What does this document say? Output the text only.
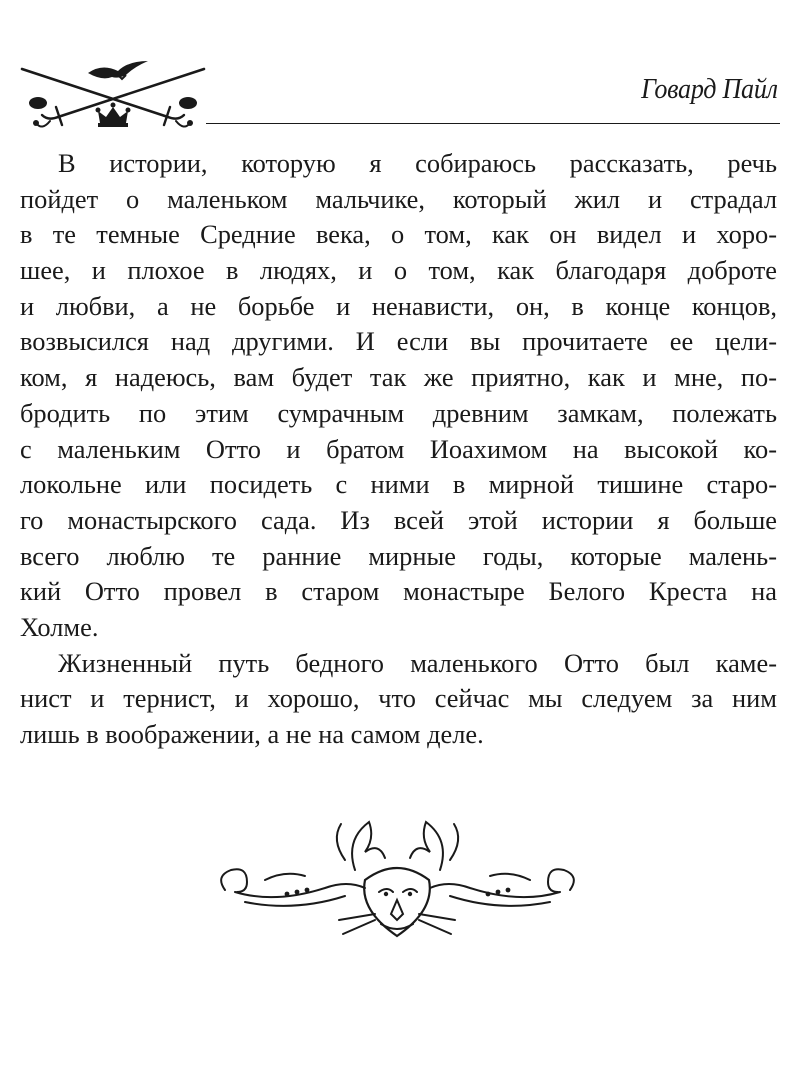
Говард Пайл
В истории, которую я собираюсь рассказать, речь
пойдет о маленьком мальчике, который жил и страдал
в те темные Средние века, о том, как он видел и хоро-
шее, и плохое в людях, и о том, как благодаря доброте
и любви, а не борьбе и ненависти, он, в конце концов,
возвысился над другими. И если вы прочитаете ее цели-
ком, я надеюсь, вам будет так же приятно, как и мне, по-
бродить по этим сумрачным древним замкам, полежать
с маленьким Отто и братом Иоахимом на высокой ко-
локольне или посидеть с ними в мирной тишине старо-
го монастырского сада. Из всей этой истории я больше
всего люблю те ранние мирные годы, которые малень-
кий Отто провел в старом монастыре Белого Креста на
Холме.
Жизненный путь бедного маленького Отто был каме-
нист и тернист, и хорошо, что сейчас мы следуем за ним
лишь в воображении, а не на самом деле.
